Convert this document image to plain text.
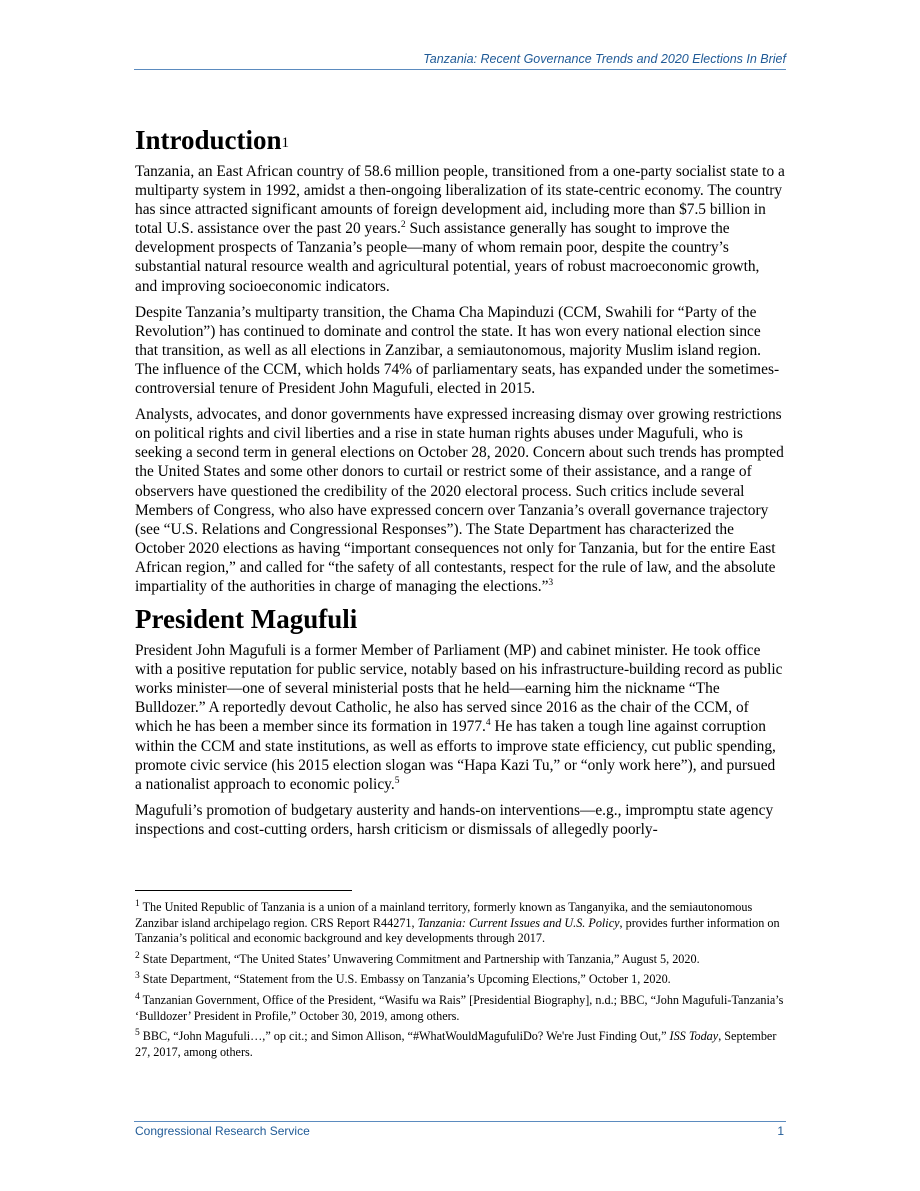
Tanzania: Recent Governance Trends and 2020 Elections In Brief
Introduction$^1$

Tanzania, an East African country of 58.6 million people, transitioned from a one-party socialist state to a multiparty system in 1992, amidst a then-ongoing liberalization of its state-centric economy. The country has since attracted significant amounts of foreign development aid, including more than $7.5 billion in total U.S. assistance over the past 20 years.$^2$ Such assistance generally has sought to improve the development prospects of Tanzania’s people—many of whom remain poor, despite the country’s substantial natural resource wealth and agricultural potential, years of robust macroeconomic growth, and improving socioeconomic indicators.

Despite Tanzania’s multiparty transition, the Chama Cha Mapinduzi (CCM, Swahili for “Party of the Revolution”) has continued to dominate and control the state. It has won every national election since that transition, as well as all elections in Zanzibar, a semiautonomous, majority Muslim island region. The influence of the CCM, which holds 74% of parliamentary seats, has expanded under the sometimes-controversial tenure of President John Magufuli, elected in 2015.

Analysts, advocates, and donor governments have expressed increasing dismay over growing restrictions on political rights and civil liberties and a rise in state human rights abuses under Magufuli, who is seeking a second term in general elections on October 28, 2020. Concern about such trends has prompted the United States and some other donors to curtail or restrict some of their assistance, and a range of observers have questioned the credibility of the 2020 electoral process. Such critics include several Members of Congress, who also have expressed concern over Tanzania’s overall governance trajectory (see “U.S. Relations and Congressional Responses”). The State Department has characterized the October 2020 elections as having “important consequences not only for Tanzania, but for the entire East African region,” and called for “the safety of all contestants, respect for the rule of law, and the absolute impartiality of the authorities in charge of managing the elections.”$^3$

President Magufuli

President John Magufuli is a former Member of Parliament (MP) and cabinet minister. He took office with a positive reputation for public service, notably based on his infrastructure-building record as public works minister—one of several ministerial posts that he held—earning him the nickname “The Bulldozer.” A reportedly devout Catholic, he also has served since 2016 as the chair of the CCM, of which he has been a member since its formation in 1977.$^4$ He has taken a tough line against corruption within the CCM and state institutions, as well as efforts to improve state efficiency, cut public spending, promote civic service (his 2015 election slogan was “Hapa Kazi Tu,” or “only work here”), and pursued a nationalist approach to economic policy.$^5$

Magufuli’s promotion of budgetary austerity and hands-on interventions—e.g., impromptu state agency inspections and cost-cutting orders, harsh criticism or dismissals of allegedly poorly-

$^1$ The United Republic of Tanzania is a union of a mainland territory, formerly known as Tanganyika, and the semiautonomous Zanzibar island archipelago region. CRS Report R44271, Tanzania: Current Issues and U.S. Policy, provides further information on Tanzania’s political and economic background and key developments through 2017.
$^2$ State Department, “The United States’ Unwavering Commitment and Partnership with Tanzania,” August 5, 2020.
$^3$ State Department, “Statement from the U.S. Embassy on Tanzania’s Upcoming Elections,” October 1, 2020.
$^4$ Tanzanian Government, Office of the President, “Wasifu wa Rais” [Presidential Biography], n.d.; BBC, “John Magufuli-Tanzania’s ‘Bulldozer’ President in Profile,” October 30, 2019, among others.
$^5$ BBC, “John Magufuli…,” op cit.; and Simon Allison, “#WhatWouldMagufuliDo? We're Just Finding Out,” ISS Today, September 27, 2017, among others.
Congressional Research Service	1
